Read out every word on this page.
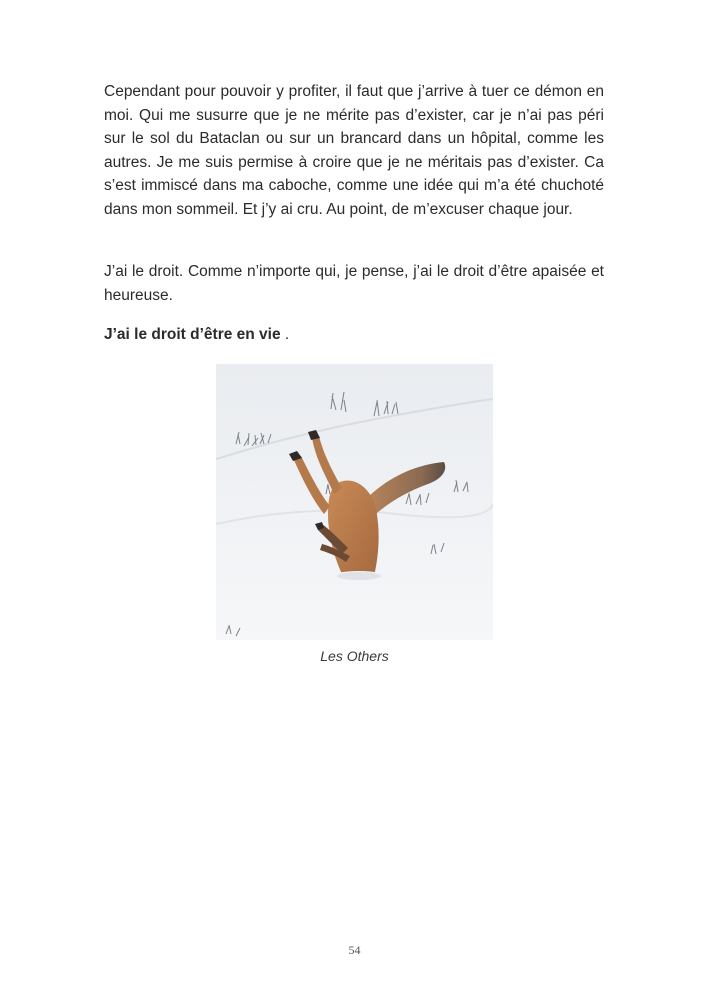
Cependant pour pouvoir y profiter, il faut que j’arrive à tuer ce démon en moi. Qui me susurre que je ne mérite pas d’exister, car je n’ai pas péri sur le sol du Bataclan ou sur un brancard dans un hôpital, comme les autres. Je me suis permise à croire que je ne méritais pas d’exister. Ca s’est immiscé dans ma caboche, comme une idée qui m’a été chuchoté dans mon sommeil. Et j’y ai cru. Au point, de m’excuser chaque jour.

J’ai le droit. Comme n’importe qui, je pense, j’ai le droit d’être apaisée et heureuse.

J’ai le droit d’être en vie .

Les Others
54
